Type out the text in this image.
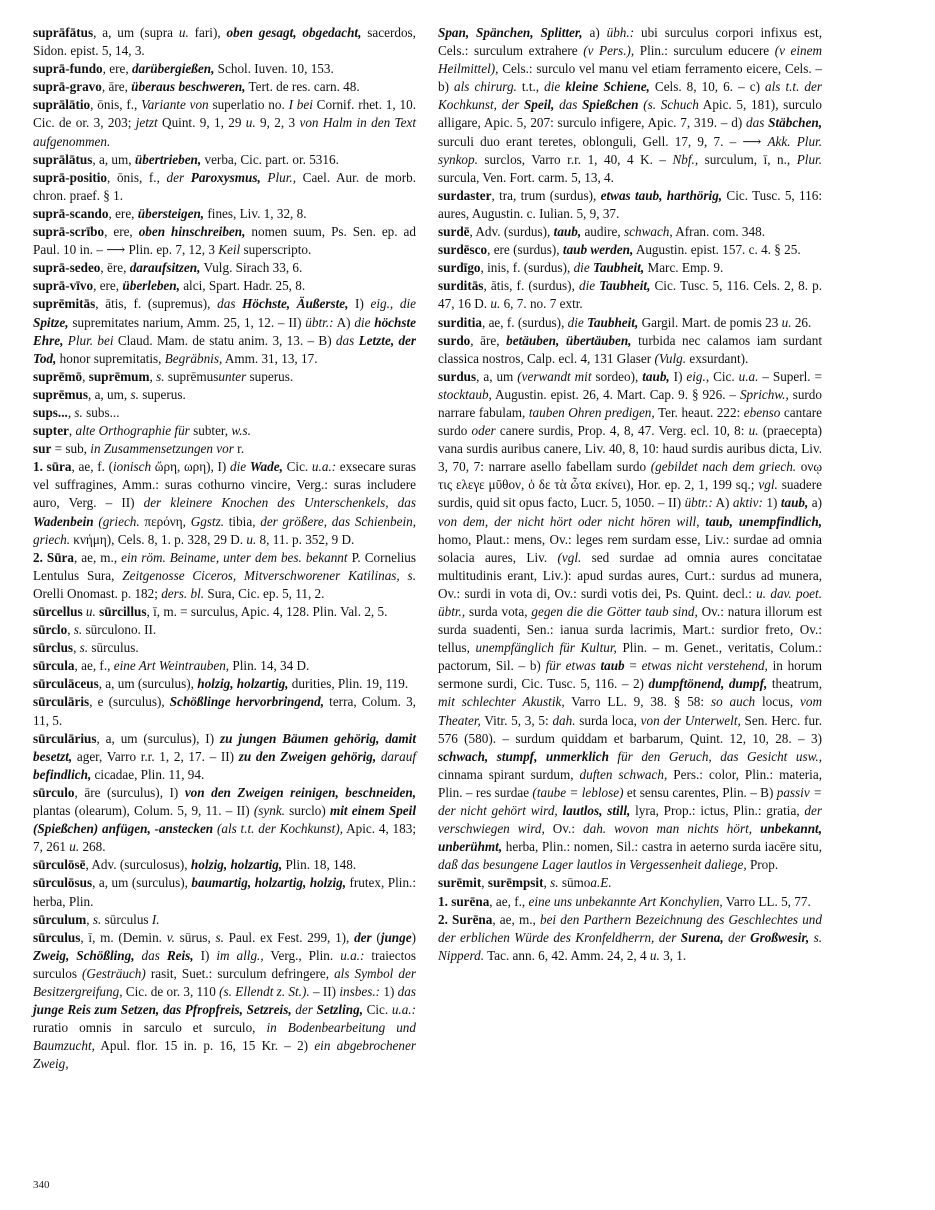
suprāfātus, a, um (supra u. fari), oben gesagt, obgedacht, sacerdos, Sidon. epist. 5, 14, 3.

suprā-fundo, ere, darübergießen, Schol. Iuven. 10, 153.

suprā-gravo, āre, überaus beschweren, Tert. de res. carn. 48.

suprālātio, ōnis, f., Variante von superlatio no. I bei Cornif. rhet. 1, 10. Cic. de or. 3, 203; jetzt Quint. 9, 1, 29 u. 9, 2, 3 von Halm in den Text aufgenommen.

suprālātus, a, um, übertrieben, verba, Cic. part. or. 5316.

suprā-positio, ōnis, f., der Paroxysmus, Plur., Cael. Aur. de morb. chron. praef. § 1.

suprā-scando, ere, übersteigen, fines, Liv. 1, 32, 8.

suprā-scrībo, ere, oben hinschreiben, nomen suum, Ps. Sen. ep. ad Paul. 10 in. – ⟶ Plin. ep. 7, 12, 3 Keil superscripto.

suprā-sedeo, ēre, daraufsitzen, Vulg. Sirach 33, 6.

suprā-vīvo, ere, überleben, alci, Spart. Hadr. 25, 8.

suprēmitās, ātis, f. (supremus), das Höchste, Äußerste, I) eig., die Spitze, supremitates narium, Amm. 25, 1, 12. – II) übtr.: A) die höchste Ehre, Plur. bei Claud. Mam. de statu anim. 3, 13. – B) das Letzte, der Tod, honor supremitatis, Begräbnis, Amm. 31, 13, 17.

suprēmō, suprēmum, s. suprēmusunter superus.

suprēmus, a, um, s. superus.

sups..., s. subs...

supter, alte Orthographie für subter, w.s.

sur = sub, in Zusammensetzungen vor r.

1. sūra, ae, f. (ionisch ὤρη, ωρη), I) die Wade, Cic. u.a.: exsecare suras vel suffragines, Amm.: suras cothurno vincire, Verg.: suras includere auro, Verg. – II) der kleinere Knochen des Unterschenkels, das Wadenbein (griech. περόνη, Ggstz. tibia, der größere, das Schienbein, griech. κνήμη), Cels. 8, 1. p. 328, 29 D. u. 8, 11. p. 352, 9 D.

2. Sūra, ae, m., ein röm. Beiname, unter dem bes. bekannt P. Cornelius Lentulus Sura, Zeitgenosse Ciceros, Mitverschworener Katilinas, s. Orelli Onomast. p. 182; ders. bl. Sura, Cic. ep. 5, 11, 2.

sūrcellus u. sūrcillus, ī, m. = surculus, Apic. 4, 128. Plin. Val. 2, 5.

sūrclo, s. sūrculono. II.

sūrclus, s. sūrculus.

sūrcula, ae, f., eine Art Weintrauben, Plin. 14, 34 D.

sūrculāceus, a, um (surculus), holzig, holzartig, durities, Plin. 19, 119.

sūrculāris, e (surculus), Schößlinge hervorbringend, terra, Colum. 3, 11, 5.

sūrculārius, a, um (surculus), I) zu jungen Bäumen gehörig, damit besetzt, ager, Varro r.r. 1, 2, 17. – II) zu den Zweigen gehörig, darauf befindlich, cicadae, Plin. 11, 94.

sūrculo, āre (surculus), I) von den Zweigen reinigen, beschneiden, plantas (olearum), Colum. 5, 9, 11. – II) (synk. surclo) mit einem Speil (Spießchen) anfügen, -anstecken (als t.t. der Kochkunst), Apic. 4, 183; 7, 261 u. 268.

sūrculōsē, Adv. (surculosus), holzig, holzartig, Plin. 18, 148.

sūrculōsus, a, um (surculus), baumartig, holzartig, holzig, frutex, Plin.: herba, Plin.

sūrculum, s. sūrculus I.

sūrculus, ī, m. (Demin. v. sūrus, s. Paul. ex Fest. 299, 1), der (junge) Zweig, Schößling, das Reis, I) im allg., Verg., Plin. u.a.: traiectos surculos (Gesträuch) rasit, Suet.: surculum defringere, als Symbol der Besitzergreifung, Cic. de or. 3, 110 (s. Ellendt z. St.). – II) insbes.: 1) das junge Reis zum Setzen, das Pfropfreis, Setzreis, der Setzling, Cic. u.a.: ruratio omnis in sarculo et surculo, in Bodenbearbeitung und Baumzucht, Apul. flor. 15 in. p. 16, 15 Kr. – 2) ein abgebrochener Zweig,

Span, Spänchen, Splitter, a) übh.: ubi surculus corpori infixus est, Cels.: surculum extrahere (v Pers.), Plin.: surculum educere (v einem Heilmittel), Cels.: surculo vel manu vel etiam ferramento eicere, Cels. – b) als chirurg. t.t., die kleine Schiene, Cels. 8, 10, 6. – c) als t.t. der Kochkunst, der Speil, das Spießchen (s. Schuch Apic. 5, 181), surculo alligare, Apic. 5, 207: surculo infigere, Apic. 7, 319. – d) das Stäbchen, surculi duo erant teretes, oblonguli, Gell. 17, 9, 7. – ⟶ Akk. Plur. synkop. surclos, Varro r.r. 1, 40, 4 K. – Nbf., surculum, ī, n., Plur. surcula, Ven. Fort. carm. 5, 13, 4.

surdaster, tra, trum (surdus), etwas taub, harthörig, Cic. Tusc. 5, 116: aures, Augustin. c. Iulian. 5, 9, 37.

surdē, Adv. (surdus), taub, audire, schwach, Afran. com. 348.

surdēsco, ere (surdus), taub werden, Augustin. epist. 157. c. 4. § 25.

surdīgo, inis, f. (surdus), die Taubheit, Marc. Emp. 9.

surditās, ātis, f. (surdus), die Taubheit, Cic. Tusc. 5, 116. Cels. 2, 8. p. 47, 16 D. u. 6, 7. no. 7 extr.

surditia, ae, f. (surdus), die Taubheit, Gargil. Mart. de pomis 23 u. 26.

surdo, āre, betäuben, übertäuben, turbida nec calamos iam surdant classica nostros, Calp. ecl. 4, 131 Glaser (Vulg. exsurdant).

surdus, a, um (verwandt mit sordeo), taub, I) eig., Cic. u.a. – Superl. = stocktaub, Augustin. epist. 26, 4. Mart. Cap. 9. § 926. – Sprichw., surdo narrare fabulam, tauben Ohren predigen, Ter. heaut. 222: ebenso cantare surdo oder canere surdis, Prop. 4, 8, 47. Verg. ecl. 10, 8: u. (praecepta) vana surdis auribus canere, Liv. 40, 8, 10: haud surdis auribus dicta, Liv. 3, 70, 7: narrare asello fabellam surdo (gebildet nach dem griech. ονῳ τις ελεγε μῦθον, ὁ δε τὰ ὦτα εκίνει), Hor. ep. 2, 1, 199 sq.; vgl. suadere surdis, quid sit opus facto, Lucr. 5, 1050. – II) übtr.: A) aktiv: 1) taub, a) von dem, der nicht hört oder nicht hören will, taub, unempfindlich, homo, Plaut.: mens, Ov.: leges rem surdam esse, Liv.: surdae ad omnia solacia aures, Liv. (vgl. sed surdae ad omnia aures concitatae multitudinis erant, Liv.): apud surdas aures, Curt.: surdus ad munera, Ov.: surdi in vota di, Ov.: surdi votis dei, Ps. Quint. decl.: u. dav. poet. übtr., surda vota, gegen die die Götter taub sind, Ov.: natura illorum est surda suadenti, Sen.: ianua surda lacrimis, Mart.: surdior freto, Ov.: tellus, unempfänglich für Kultur, Plin. – m. Genet., veritatis, Colum.: pactorum, Sil. – b) für etwas taub = etwas nicht verstehend, in horum sermone surdi, Cic. Tusc. 5, 116. – 2) dumpftönend, dumpf, theatrum, mit schlechter Akustik, Varro LL. 9, 38. § 58: so auch locus, vom Theater, Vitr. 5, 3, 5: dah. surda loca, von der Unterwelt, Sen. Herc. fur. 576 (580). – surdum quiddam et barbarum, Quint. 12, 10, 28. – 3) schwach, stumpf, unmerklich für den Geruch, das Gesicht usw., cinnama spirant surdum, duften schwach, Pers.: color, Plin.: materia, Plin. – res surdae (taube = leblose) et sensu carentes, Plin. – B) passiv = der nicht gehört wird, lautlos, still, lyra, Prop.: ictus, Plin.: gratia, der verschwiegen wird, Ov.: dah. wovon man nichts hört, unbekannt, unberühmt, herba, Plin.: nomen, Sil.: castra in aeterno surda iacēre situ, daß das besungene Lager lautlos in Vergessenheit daliege, Prop.

surēmit, surēmpsit, s. sūmoa.E.

1. surēna, ae, f., eine uns unbekannte Art Konchylien, Varro LL. 5, 77.

2. Surēna, ae, m., bei den Parthern Bezeichnung des Geschlechtes und der erblichen Würde des Kronfeldherrn, der Surena, der Großwesir, s. Nipperd. Tac. ann. 6, 42. Amm. 24, 2, 4 u. 3, 1.

340
